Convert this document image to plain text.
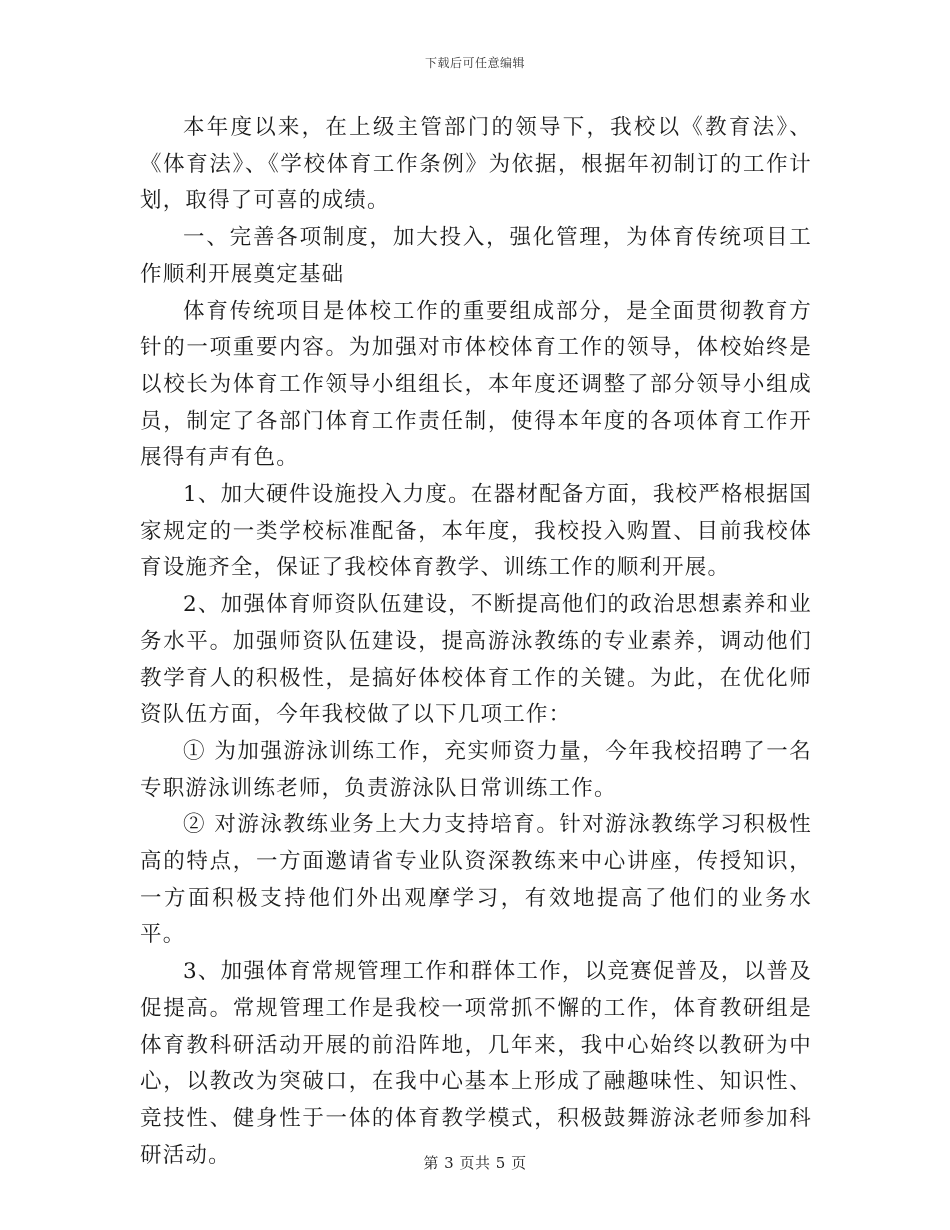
下载后可任意编辑

本年度以来，在上级主管部门的领导下，我校以《教育法》、《体育法》、《学校体育工作条例》为依据，根据年初制订的工作计划，取得了可喜的成绩。

一、完善各项制度，加大投入，强化管理，为体育传统项目工作顺利开展奠定基础

体育传统项目是体校工作的重要组成部分，是全面贯彻教育方针的一项重要内容。为加强对市体校体育工作的领导，体校始终是以校长为体育工作领导小组组长，本年度还调整了部分领导小组成员，制定了各部门体育工作责任制，使得本年度的各项体育工作开展得有声有色。

1、加大硬件设施投入力度。在器材配备方面，我校严格根据国家规定的一类学校标准配备，本年度，我校投入购置、目前我校体育设施齐全，保证了我校体育教学、训练工作的顺利开展。

2、加强体育师资队伍建设，不断提高他们的政治思想素养和业务水平。加强师资队伍建设，提高游泳教练的专业素养，调动他们教学育人的积极性，是搞好体校体育工作的关键。为此，在优化师资队伍方面，今年我校做了以下几项工作：

① 为加强游泳训练工作，充实师资力量，今年我校招聘了一名专职游泳训练老师，负责游泳队日常训练工作。

② 对游泳教练业务上大力支持培育。针对游泳教练学习积极性高的特点，一方面邀请省专业队资深教练来中心讲座，传授知识，一方面积极支持他们外出观摩学习，有效地提高了他们的业务水平。

3、加强体育常规管理工作和群体工作，以竞赛促普及，以普及促提高。常规管理工作是我校一项常抓不懈的工作，体育教研组是体育教科研活动开展的前沿阵地，几年来，我中心始终以教研为中心，以教改为突破口，在我中心基本上形成了融趣味性、知识性、竞技性、健身性于一体的体育教学模式，积极鼓舞游泳老师参加科研活动。	第 3 页共 5 页
